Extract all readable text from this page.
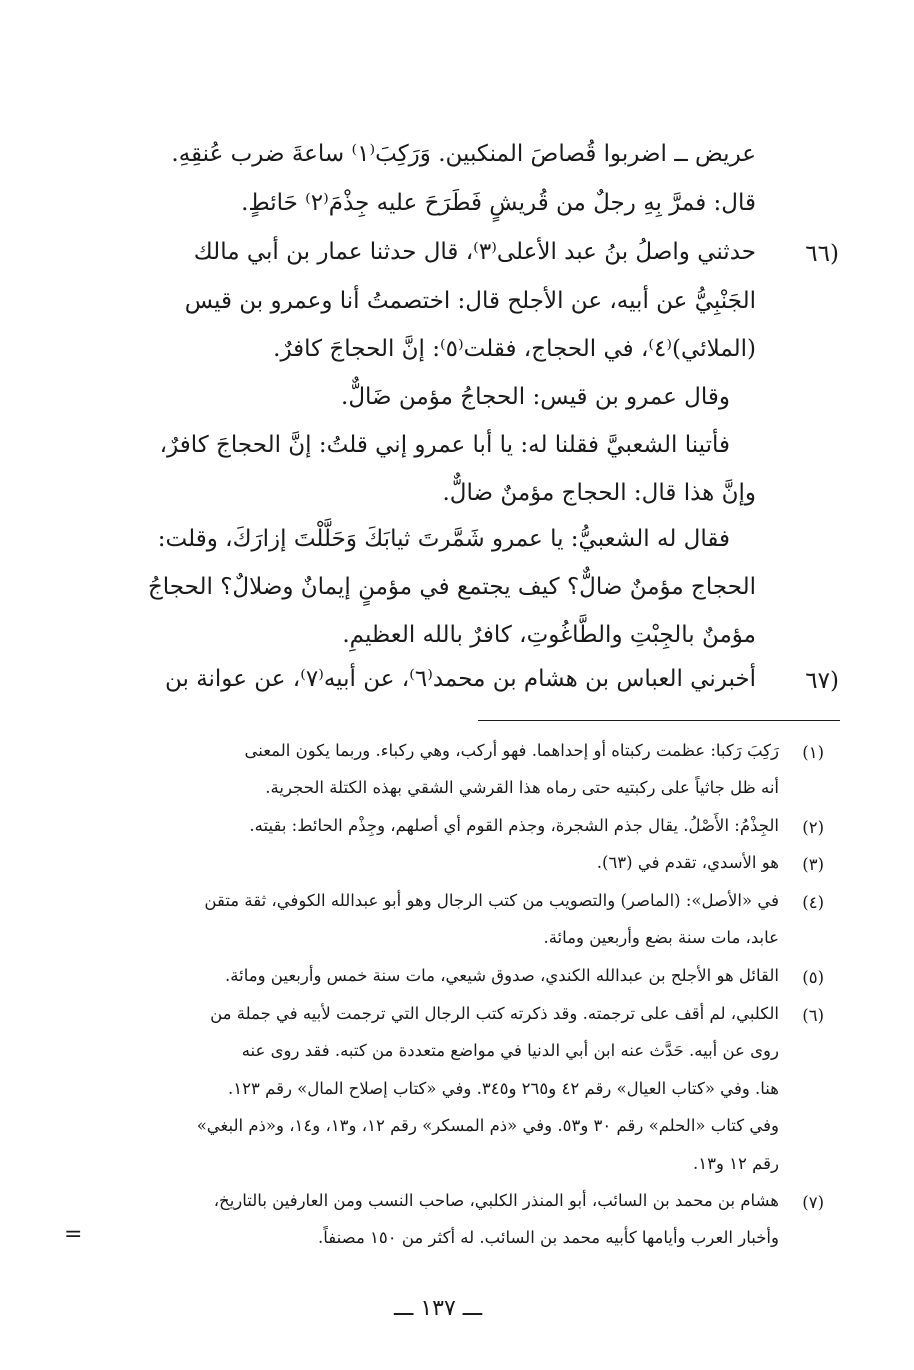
عريض ــ اضربوا قُصاصَ المنكبين. وَرَكِبَ⁽١⁾ ساعةَ ضرب عُنقِهِ.
قال: فمرَّ بِهِ رجلٌ من قُريشٍ فَطَرَحَ عليه جِذْمَ⁽٢⁾ حَائطٍ.
(٦٦
حدثني واصلُ بنُ عبد الأعلى⁽٣⁾، قال حدثنا عمار بن أبي مالك
الجَنْبِيُّ عن أبيه، عن الأجلح قال: اختصمتُ أنا وعمرو بن قيس
(الملائي)⁽٤⁾، في الحجاج، فقلت⁽٥⁾: إنَّ الحجاجَ كافرٌ.
وقال عمرو بن قيس: الحجاجُ مؤمن ضَالٌّ.
فأتينا الشعبيَّ فقلنا له: يا أبا عمرو إني قلتُ: إنَّ الحجاجَ كافرٌ،
وإنَّ هذا قال: الحجاج مؤمنٌ ضالٌّ.
فقال له الشعبيُّ: يا عمرو شَمَّرتَ ثيابَكَ وَحَلَّلْتَ إزارَكَ، وقلت:
الحجاج مؤمنٌ ضالٌّ؟ كيف يجتمع في مؤمنٍ إيمانٌ وضلالٌ؟ الحجاجُ
مؤمنٌ بالجِبْتِ والطَّاغُوتِ، كافرٌ بالله العظيمِ.
(٦٧
أخبرني العباس بن هشام بن محمد⁽٦⁾، عن أبيه⁽٧⁾، عن عوانة بن
(١)
رَكِبَ رَكبا: عظمت ركبتاه أو إحداهما. فهو أركب، وهي ركباء. وربما يكون المعنى
أنه ظل جاثياً على ركبتيه حتى رماه هذا القرشي الشقي بهذه الكتلة الحجرية.
(٢)
الجِذْمُ: الأَصْلُ. يقال جذم الشجرة، وجذم القوم أي أصلهم، وجِذْم الحائط: بقيته.
(٣)
هو الأسدي، تقدم في (٦٣).
(٤)
في «الأصل»: (الماصر) والتصويب من كتب الرجال وهو أبو عبدالله الكوفي، ثقة متقن
عابد، مات سنة بضع وأربعين ومائة.
(٥)
القائل هو الأجلح بن عبدالله الكندي، صدوق شيعي، مات سنة خمس وأربعين ومائة.
(٦)
الكلبي، لم أقف على ترجمته. وقد ذكرته كتب الرجال التي ترجمت لأبيه في جملة من
روى عن أبيه. حَدَّث عنه ابن أبي الدنيا في مواضع متعددة من كتبه. فقد روى عنه
هنا. وفي «كتاب العيال» رقم ٤٢ و٢٦٥ و٣٤٥. وفي «كتاب إصلاح المال» رقم ١٢٣.
وفي كتاب «الحلم» رقم ٣٠ و٥٣. وفي «ذم المسكر» رقم ١٢، و١٣، و١٤، و«ذم البغي»
رقم ١٢ و١٣.
(٧)
هشام بن محمد بن السائب، أبو المنذر الكلبي، صاحب النسب ومن العارفين بالتاريخ،
وأخبار العرب وأيامها كأبيه محمد بن السائب. له أكثر من ١٥٠ مصنفاً.
=
ـــ ١٣٧ ـــ
